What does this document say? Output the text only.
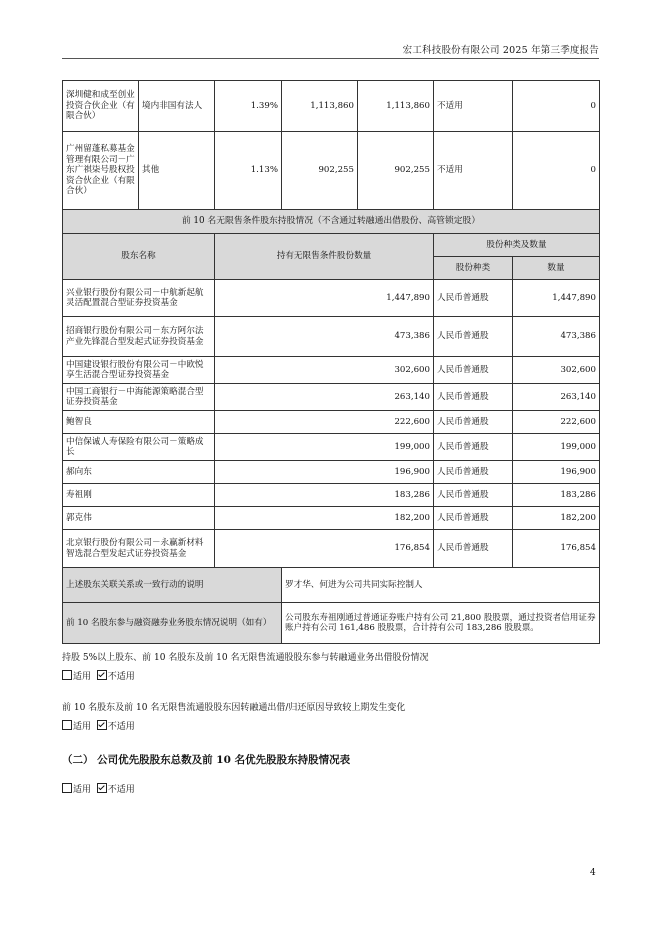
宏工科技股份有限公司 2025 年第三季度报告
深圳健和成至创业投资合伙企业（有限合伙）	境内非国有法人	1.39%	1,113,860	1,113,860	不适用	0
广州留蓬私募基金管理有限公司－广东广祺柒号股权投资合伙企业（有限合伙）	其他	1.13%	902,255	902,255	不适用	0
前 10 名无限售条件股东持股情况（不含通过转融通出借股份、高管锁定股）						
股东名称		持有无限售条件股份数量			股份种类及数量	
					股份种类	数量
兴业银行股份有限公司－中航新起航灵活配置混合型证券投资基金		1,447,890			人民币普通股	1,447,890
招商银行股份有限公司－东方阿尔法产业先锋混合型发起式证券投资基金		473,386			人民币普通股	473,386
中国建设银行股份有限公司－中欧悦享生活混合型证券投资基金		302,600			人民币普通股	302,600
中国工商银行－中海能源策略混合型证券投资基金		263,140			人民币普通股	263,140
鲍智良		222,600			人民币普通股	222,600
中信保诚人寿保险有限公司－策略成长		199,000			人民币普通股	199,000
郝向东		196,900			人民币普通股	196,900
寿祖刚		183,286			人民币普通股	183,286
郭克伟		182,200			人民币普通股	182,200
北京银行股份有限公司－永赢新材料智选混合型发起式证券投资基金		176,854			人民币普通股	176,854
上述股东关联关系或一致行动的说明			罗才华、何进为公司共同实际控制人			
前 10 名股东参与融资融券业务股东情况说明（如有）			公司股东寿祖刚通过普通证券账户持有公司 21,800 股股票，通过投资者信用证券账户持有公司 161,486 股股票，合计持有公司 183,286 股股票。			
持股 5%以上股东、前 10 名股东及前 10 名无限售流通股股东参与转融通业务出借股份情况
适用 不适用
前 10 名股东及前 10 名无限售流通股股东因转融通出借/归还原因导致较上期发生变化
适用 不适用
（二） 公司优先股股东总数及前 10 名优先股股东持股情况表
适用 不适用
4
